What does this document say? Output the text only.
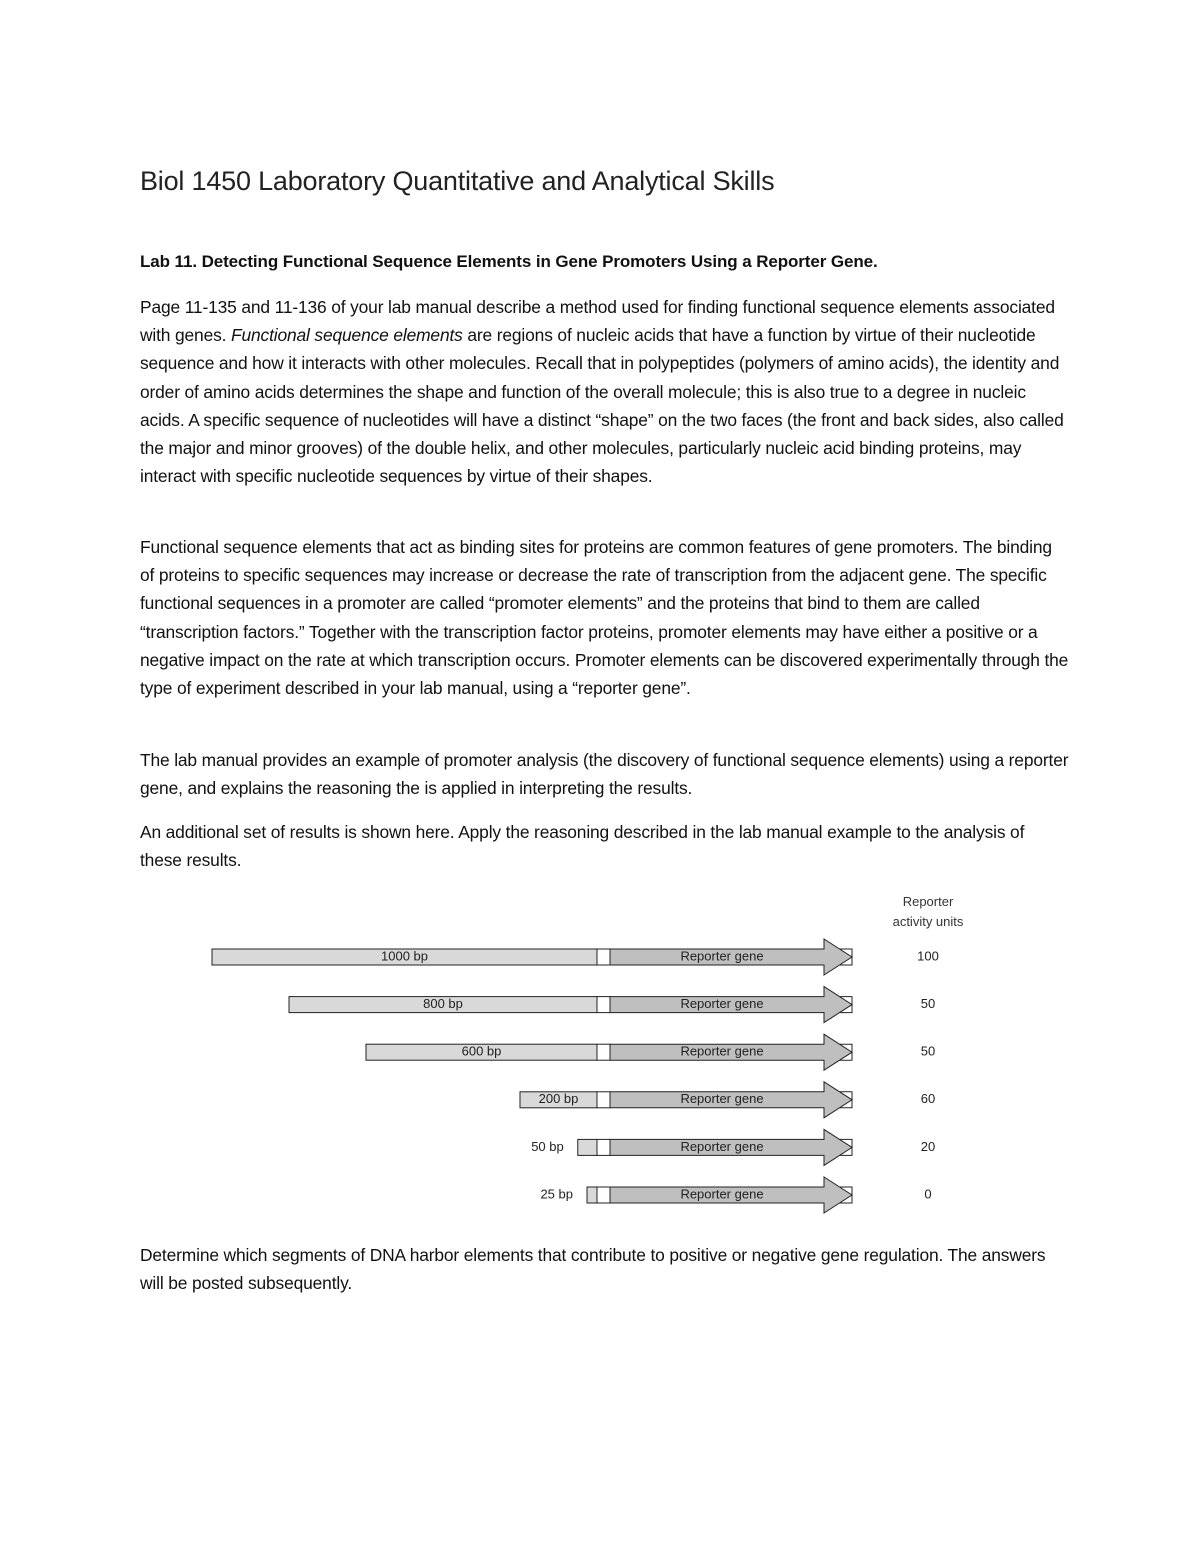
Biol 1450 Laboratory Quantitative and Analytical Skills
Lab 11. Detecting Functional Sequence Elements in Gene Promoters Using a Reporter Gene.

Page 11-135 and 11-136 of your lab manual describe a method used for finding functional sequence elements associated with genes. Functional sequence elements are regions of nucleic acids that have a function by virtue of their nucleotide sequence and how it interacts with other molecules. Recall that in polypeptides (polymers of amino acids), the identity and order of amino acids determines the shape and function of the overall molecule; this is also true to a degree in nucleic acids. A specific sequence of nucleotides will have a distinct “shape” on the two faces (the front and back sides, also called the major and minor grooves) of the double helix, and other molecules, particularly nucleic acid binding proteins, may interact with specific nucleotide sequences by virtue of their shapes.

Functional sequence elements that act as binding sites for proteins are common features of gene promoters. The binding of proteins to specific sequences may increase or decrease the rate of transcription from the adjacent gene. The specific functional sequences in a promoter are called “promoter elements” and the proteins that bind to them are called “transcription factors.” Together with the transcription factor proteins, promoter elements may have either a positive or a negative impact on the rate at which transcription occurs. Promoter elements can be discovered experimentally through the type of experiment described in your lab manual, using a “reporter gene”.

The lab manual provides an example of promoter analysis (the discovery of functional sequence elements) using a reporter gene, and explains the reasoning the is applied in interpreting the results.

An additional set of results is shown here. Apply the reasoning described in the lab manual example to the analysis of these results.

Reporter
activity units
1000 bp	Reporter gene	100
800 bp	Reporter gene	50
600 bp	Reporter gene	50
200 bp	Reporter gene	60
50 bp	Reporter gene	20
25 bp	Reporter gene	0

Determine which segments of DNA harbor elements that contribute to positive or negative gene regulation. The answers will be posted subsequently.
